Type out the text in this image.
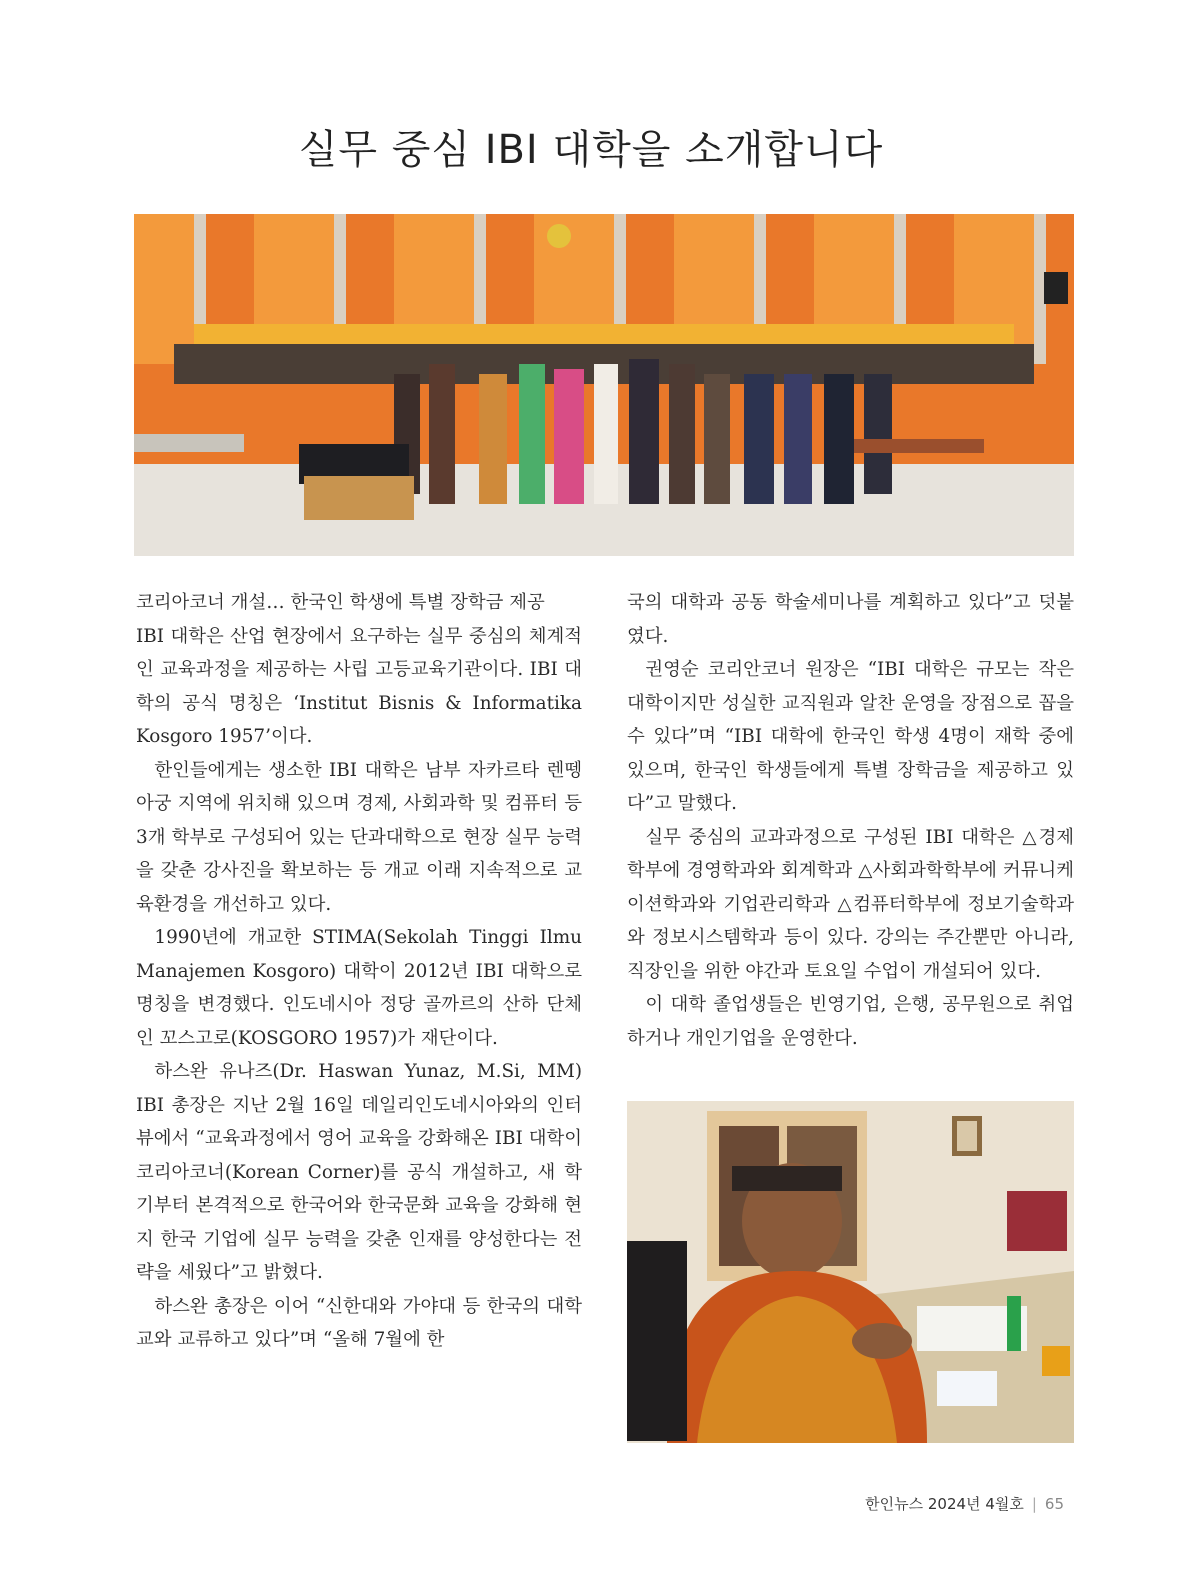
실무 중심 IBI 대학을 소개합니다

코리아코너 개설… 한국인 학생에 특별 장학금 제공

IBI 대학은 산업 현장에서 요구하는 실무 중심의 체계적인 교육과정을 제공하는 사립 고등교육기관이다. IBI 대학의 공식 명칭은 ‘Institut Bisnis & Informatika Kosgoro 1957’이다.

한인들에게는 생소한 IBI 대학은 남부 자카르타 렌뗑 아궁 지역에 위치해 있으며 경제, 사회과학 및 컴퓨터 등 3개 학부로 구성되어 있는 단과대학으로 현장 실무 능력을 갖춘 강사진을 확보하는 등 개교 이래 지속적으로 교육환경을 개선하고 있다.

1990년에 개교한 STIMA(Sekolah Tinggi Ilmu Manajemen Kosgoro) 대학이 2012년 IBI 대학으로 명칭을 변경했다. 인도네시아 정당 골까르의 산하 단체인 꼬스고로(KOSGORO 1957)가 재단이다.

하스완 유나즈(Dr. Haswan Yunaz, M.Si, MM) IBI 총장은 지난 2월 16일 데일리인도네시아와의 인터뷰에서 “교육과정에서 영어 교육을 강화해온 IBI 대학이 코리아코너(Korean Corner)를 공식 개설하고, 새 학기부터 본격적으로 한국어와 한국문화 교육을 강화해 현지 한국 기업에 실무 능력을 갖춘 인재를 양성한다는 전략을 세웠다”고 밝혔다.

하스완 총장은 이어 “신한대와 가야대 등 한국의 대학교와 교류하고 있다”며 “올해 7월에 한

국의 대학과 공동 학술세미나를 계획하고 있다”고 덧붙였다.

권영순 코리안코너 원장은 “IBI 대학은 규모는 작은 대학이지만 성실한 교직원과 알찬 운영을 장점으로 꼽을 수 있다”며 “IBI 대학에 한국인 학생 4명이 재학 중에 있으며, 한국인 학생들에게 특별 장학금을 제공하고 있다”고 말했다.

실무 중심의 교과과정으로 구성된 IBI 대학은 △경제학부에 경영학과와 회계학과 △사회과학학부에 커뮤니케이션학과와 기업관리학과 △컴퓨터학부에 정보기술학과와 정보시스템학과 등이 있다. 강의는 주간뿐만 아니라, 직장인을 위한 야간과 토요일 수업이 개설되어 있다.

이 대학 졸업생들은 빈영기업, 은행, 공무원으로 취업하거나 개인기업을 운영한다.

한인뉴스 2024년 4월호 | 65
